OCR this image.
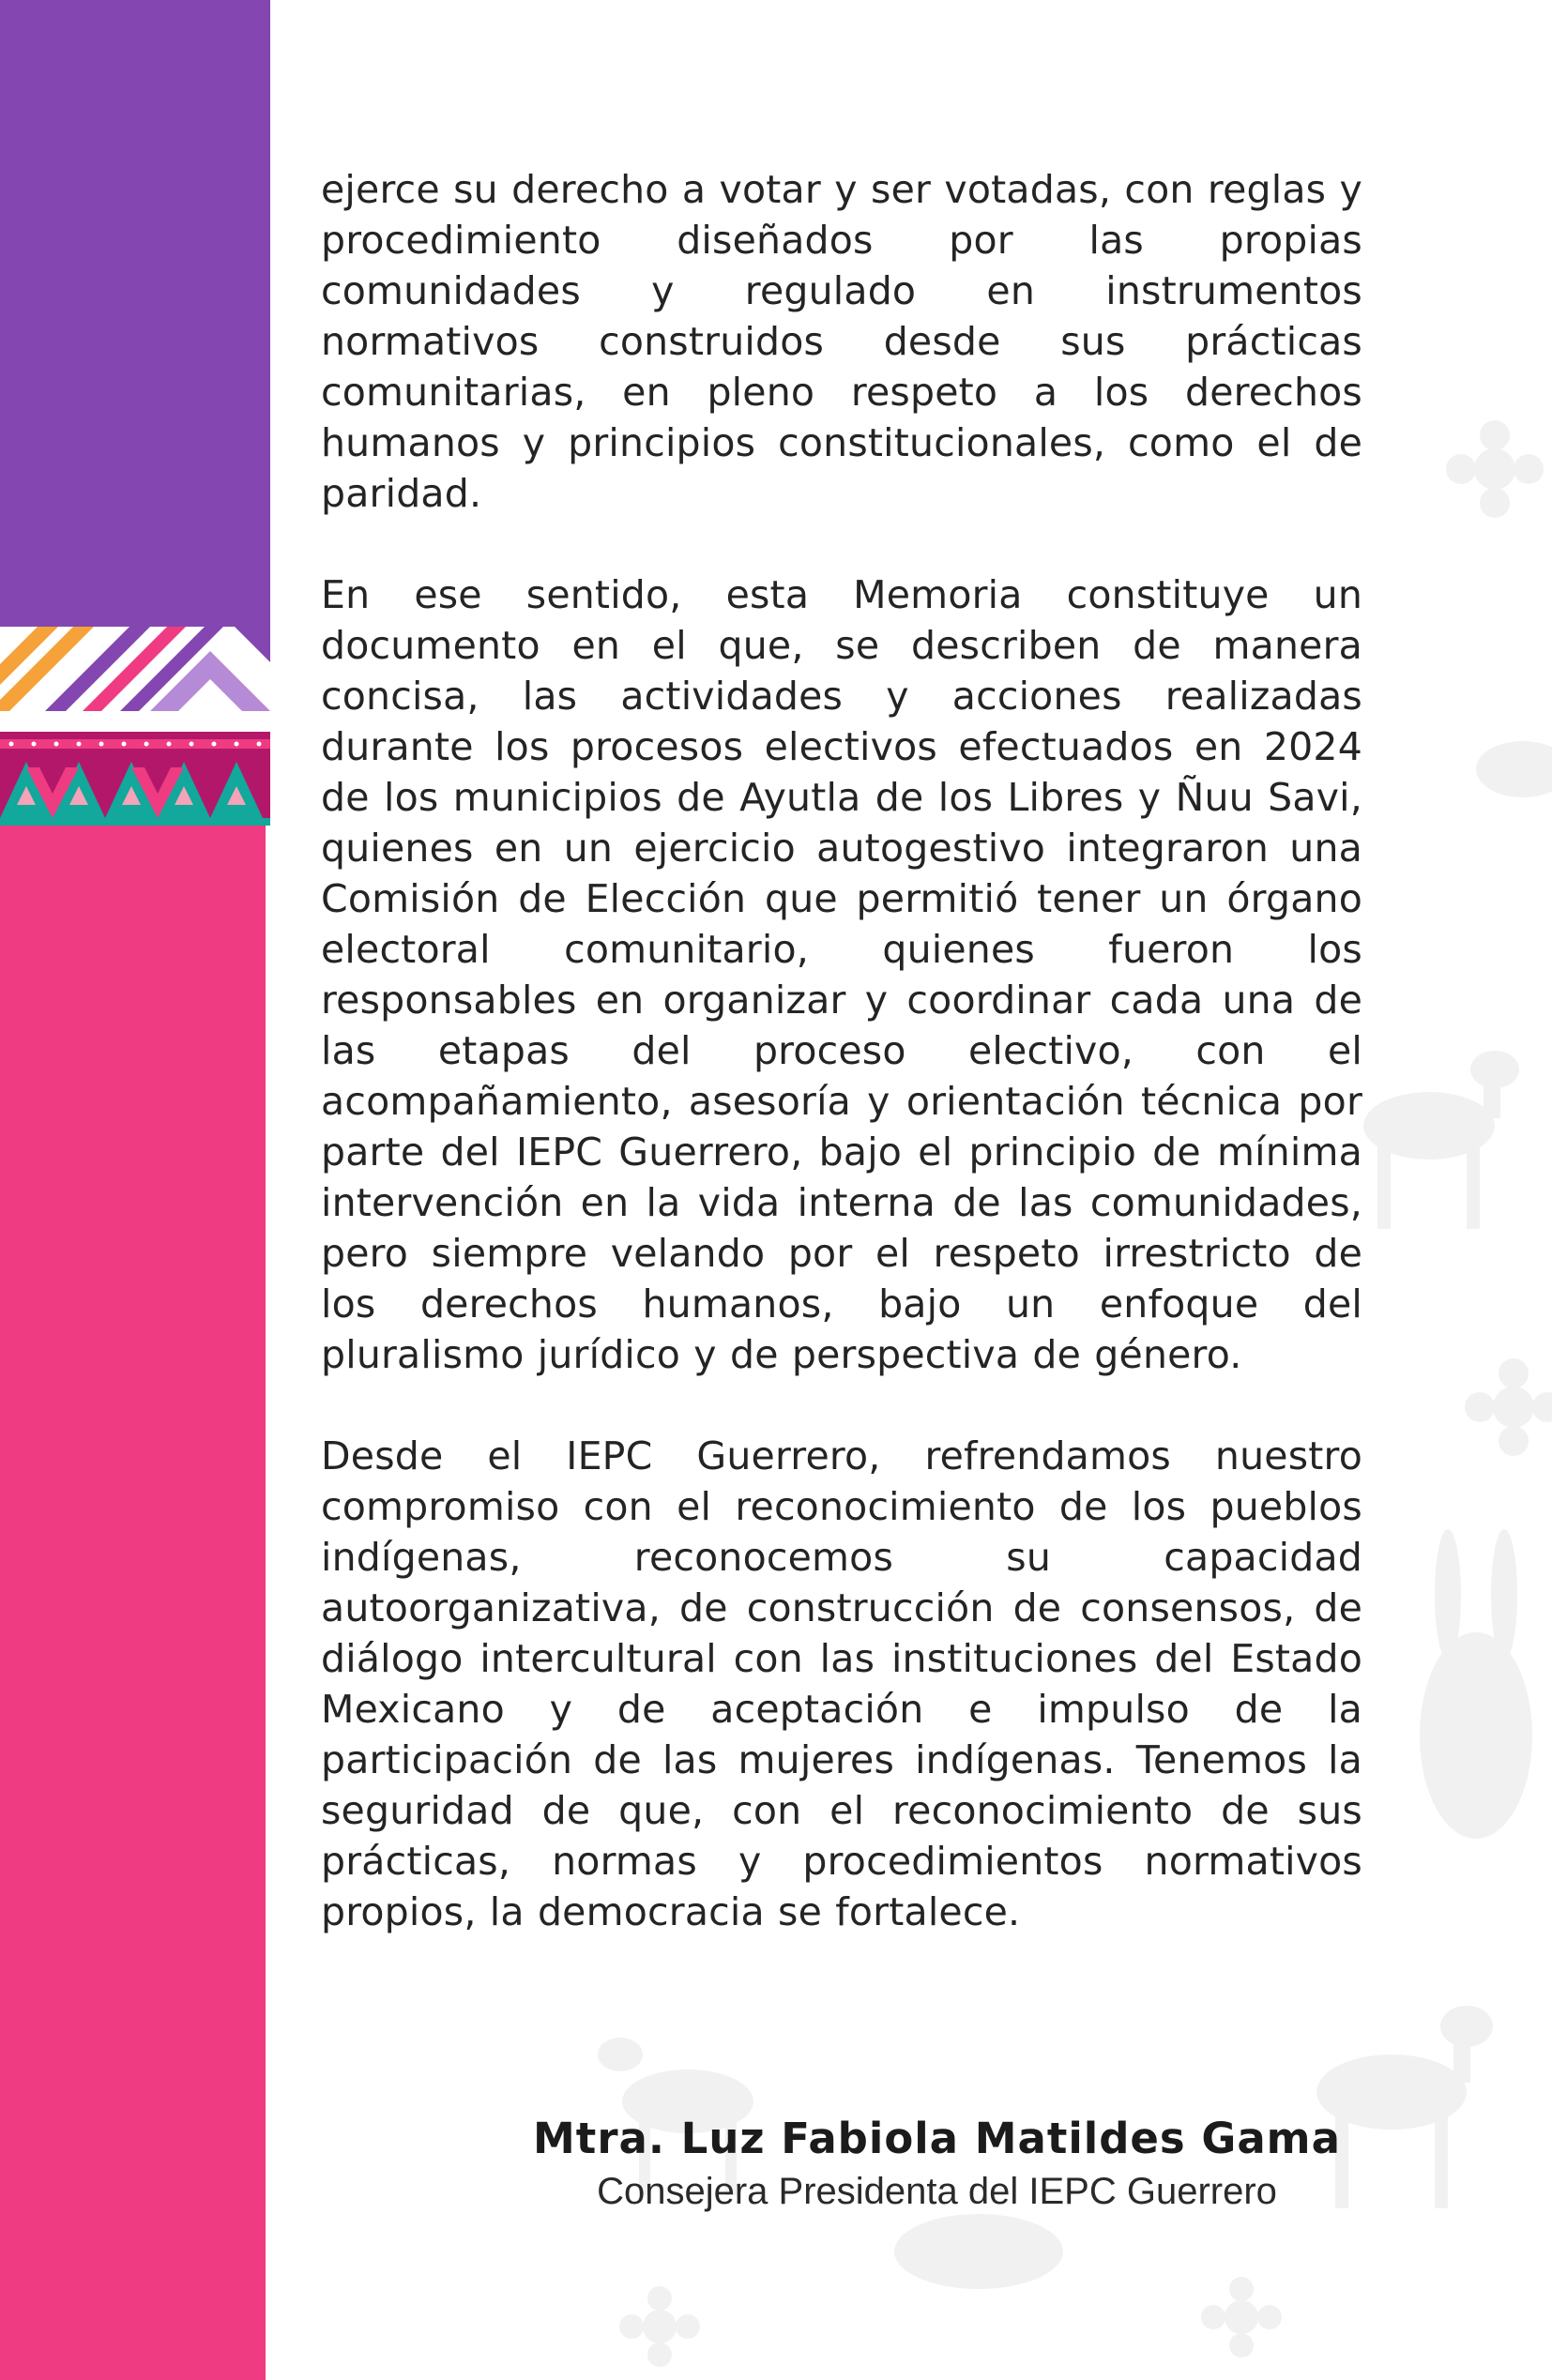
ejerce su derecho a votar y ser votadas, con reglas y procedimiento diseñados por las propias comunidades y regulado en instrumentos normativos construidos desde sus prácticas comunitarias, en pleno respeto a los derechos humanos y principios constitucionales, como el de paridad.

En ese sentido, esta Memoria constituye un documento en el que, se describen de manera concisa, las actividades y acciones realizadas durante los procesos electivos efectuados en 2024 de los municipios de Ayutla de los Libres y Ñuu Savi, quienes en un ejercicio autogestivo integraron una Comisión de Elección que permitió tener un órgano electoral comunitario, quienes fueron los responsables en organizar y coordinar cada una de las etapas del proceso electivo, con el acompañamiento, asesoría y orientación técnica por parte del IEPC Guerrero, bajo el principio de mínima intervención en la vida interna de las comunidades, pero siempre velando por el respeto irrestricto de los derechos humanos, bajo un enfoque del pluralismo jurídico y de perspectiva de género.

Desde el IEPC Guerrero, refrendamos nuestro compromiso con el reconocimiento de los pueblos indígenas, reconocemos su capacidad autoorganizativa, de construcción de consensos, de diálogo intercultural con las instituciones del Estado Mexicano y de aceptación e impulso de la participación de las mujeres indígenas. Tenemos la seguridad de que, con el reconocimiento de sus prácticas, normas y procedimientos normativos propios, la democracia se fortalece.

Mtra. Luz Fabiola Matildes Gama
Consejera Presidenta del IEPC Guerrero
